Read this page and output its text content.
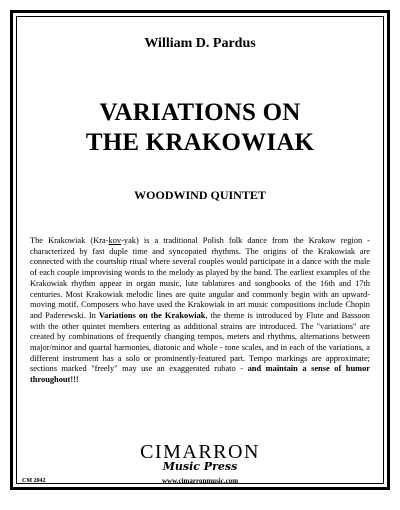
William D. Pardus
VARIATIONS ON
THE KRAKOWIAK
WOODWIND QUINTET
The Krakowiak (Kra-kov-yak) is a traditional Polish folk dance from the Krakow region - characterized by fast duple time and syncopated rhythms. The origins of the Krakowiak are connected with the courtship ritual where several couples would participate in a dance with the male of each couple improvising words to the melody as played by the band. The earliest examples of the Krakowiak rhythm appear in organ music, lute tablatures and songbooks of the 16th and 17th centuries. Most Krakowiak melodic lines are quite angular and commonly begin with an upward-moving motif. Composers who have used the Krakowiak in art music compositions include Chopin and Paderewski. In Variations on the Krakowiak, the theme is introduced by Flute and Bassoon with the other quintet members entering as additional strains are introduced. The "variations" are created by combinations of frequently changing tempos, meters and rhythms, alternations between major/minor and quartal harmonies, diatonic and whole - tone scales, and in each of the variations, a different instrument has a solo or prominently-featured part. Tempo markings are approximate; sections marked "freely" may use an exaggerated rubato - and maintain a sense of humor throughout!!!
CIMARRON
Music Press
CM 2042	www.cimarronmusic.com
